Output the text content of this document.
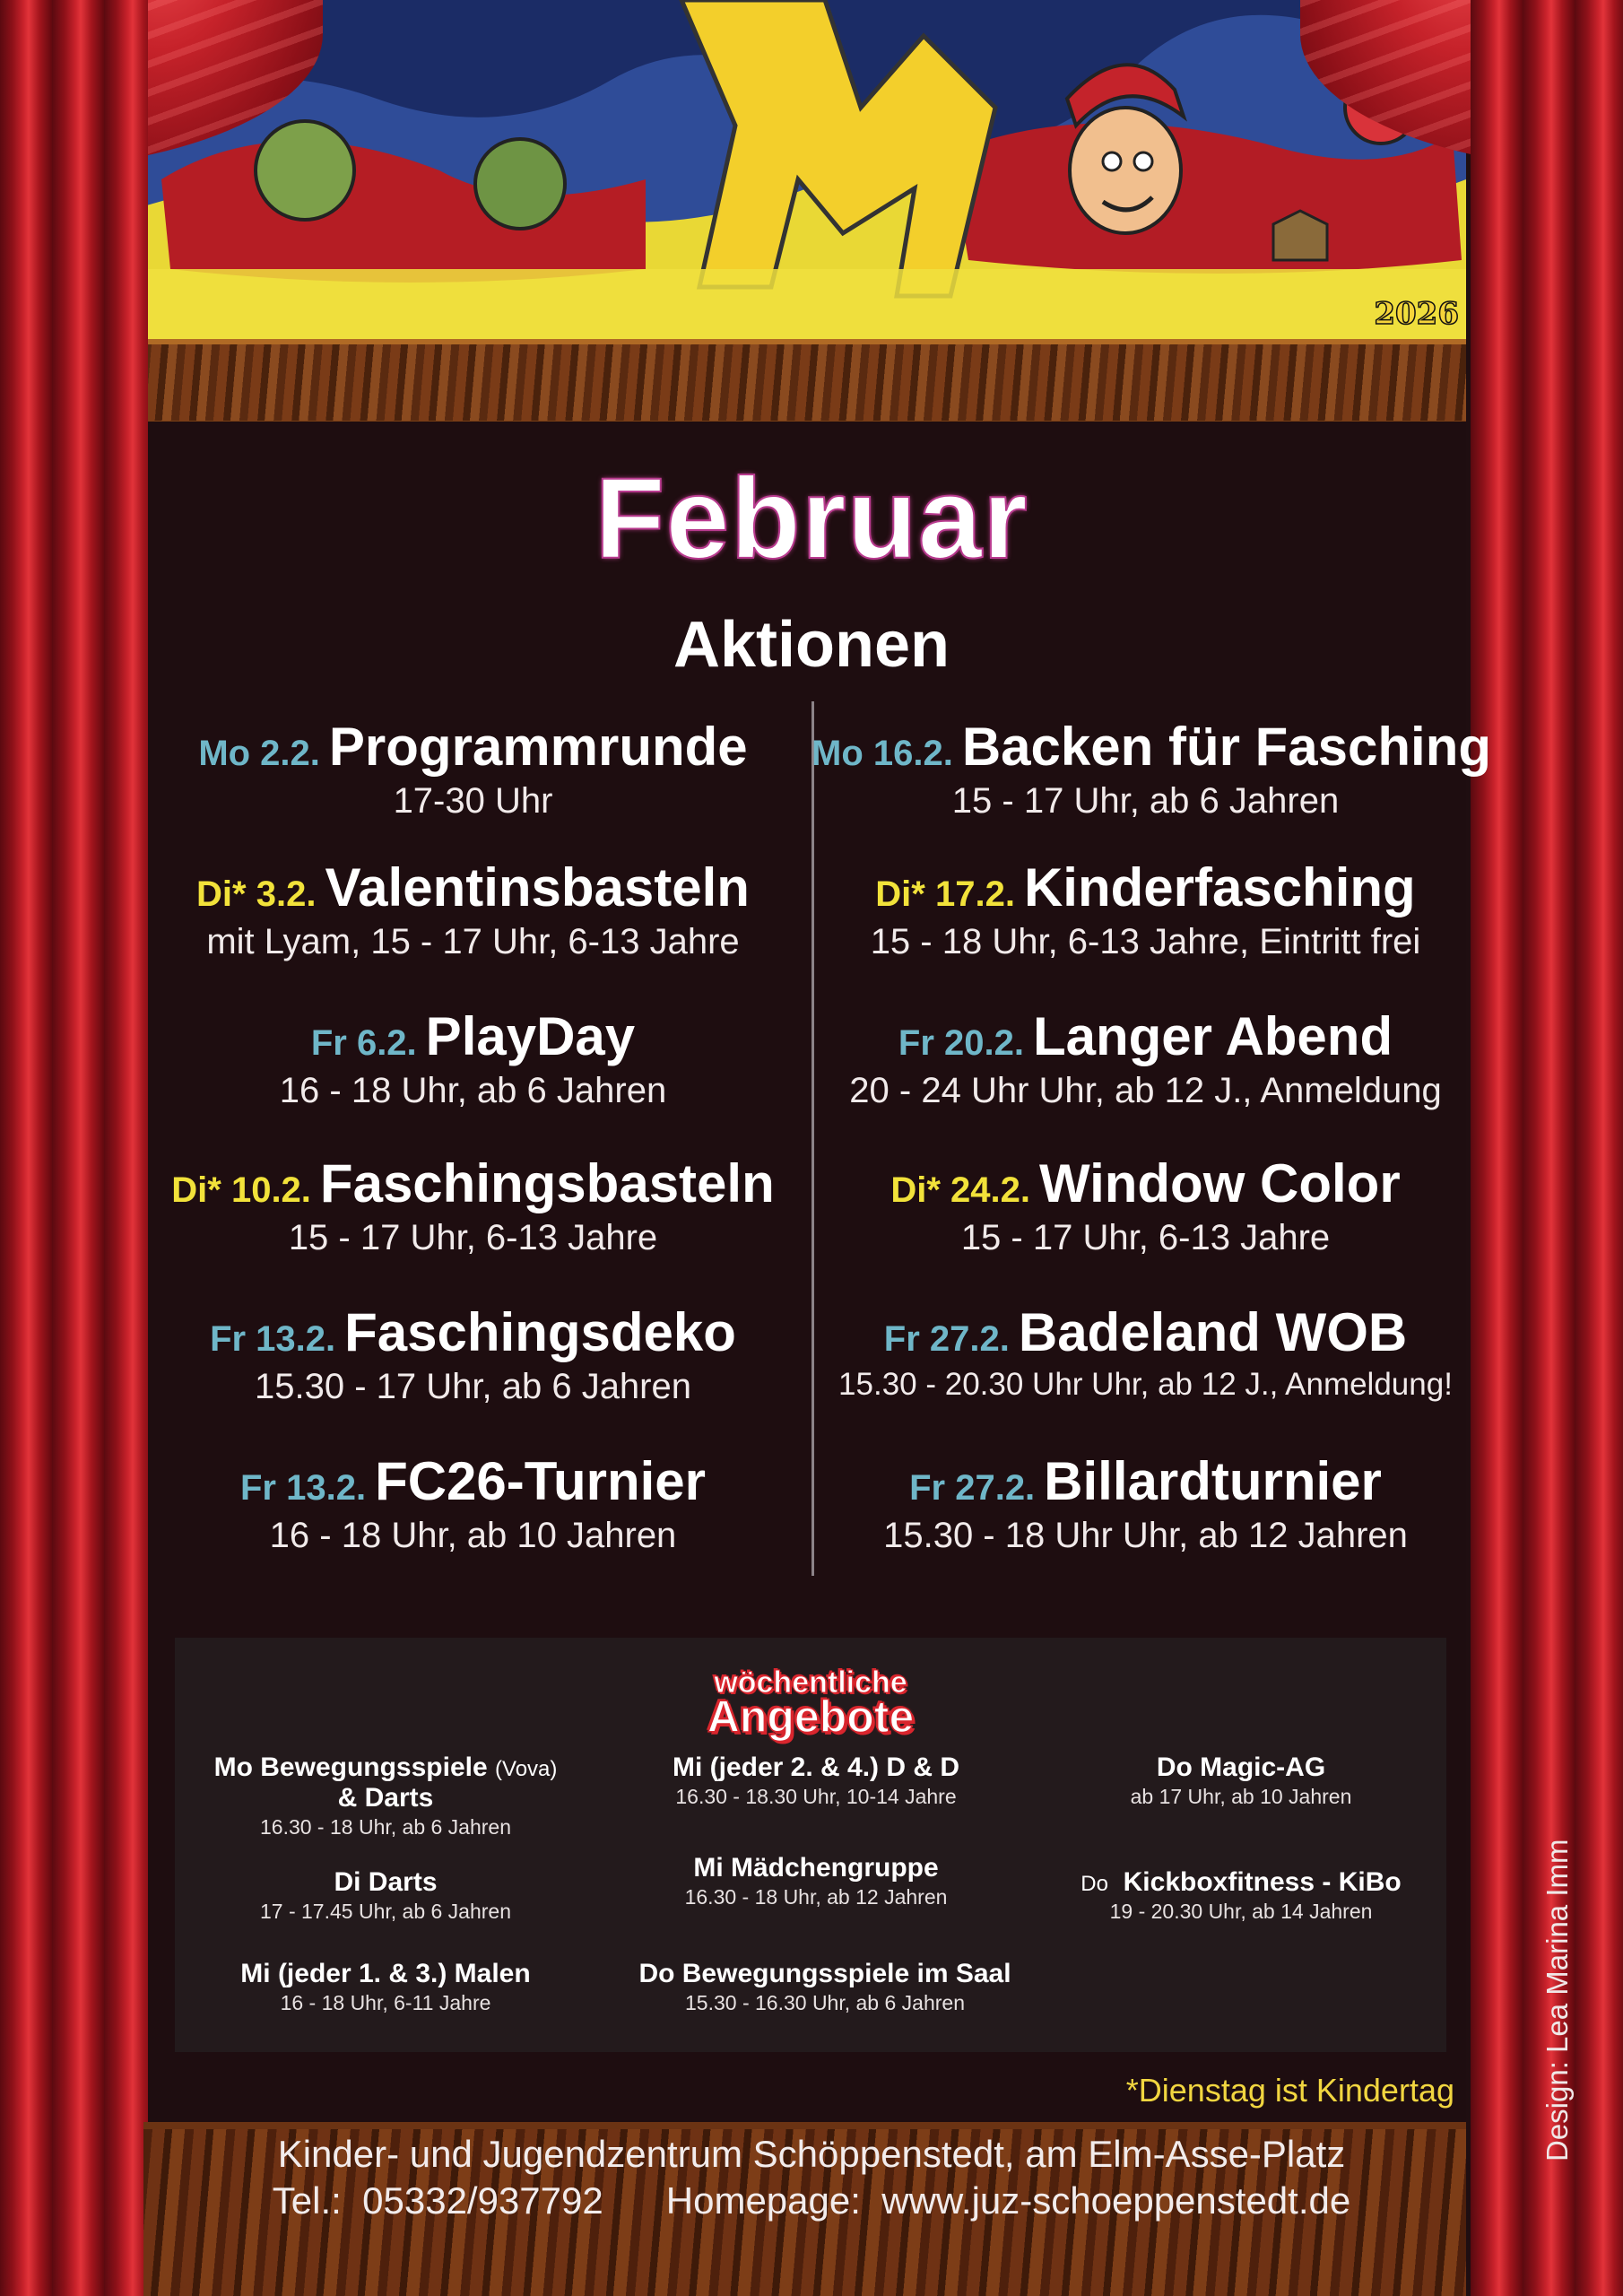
2026
Februar
Aktionen
Mo 2.2. Programmrunde
17-30 Uhr
Di* 3.2. Valentinsbasteln
mit Lyam, 15 - 17 Uhr, 6-13 Jahre
Fr 6.2. PlayDay
16 - 18 Uhr, ab 6 Jahren
Di* 10.2. Faschingsbasteln
15 - 17 Uhr, 6-13 Jahre
Fr 13.2. Faschingsdeko
15.30 - 17 Uhr, ab 6 Jahren
Fr 13.2. FC26-Turnier
16 - 18 Uhr, ab 10 Jahren
Mo 16.2. Backen für Fasching
15 - 17 Uhr, ab 6 Jahren
Di* 17.2. Kinderfasching
15 - 18 Uhr, 6-13 Jahre, Eintritt frei
Fr 20.2. Langer Abend
20 - 24 Uhr Uhr, ab 12 J., Anmeldung
Di* 24.2. Window Color
15 - 17 Uhr, 6-13 Jahre
Fr 27.2. Badeland WOB
15.30 - 20.30 Uhr Uhr, ab 12 J., Anmeldung!
Fr 27.2. Billardturnier
15.30 - 18 Uhr Uhr, ab 12 Jahren
wöchentliche
Angebote
Mo Bewegungsspiele (Vova)
& Darts
16.30 - 18 Uhr, ab 6 Jahren
Mi (jeder 2. & 4.) D & D
16.30 - 18.30 Uhr, 10-14 Jahre
Do Magic-AG
ab 17 Uhr, ab 10 Jahren
Di Darts
17 - 17.45 Uhr, ab 6 Jahren
Mi Mädchengruppe
16.30 - 18 Uhr, ab 12 Jahren
Do Kickboxfitness - KiBo
19 - 20.30 Uhr, ab 14 Jahren
Mi (jeder 1. & 3.) Malen
16 - 18 Uhr, 6-11 Jahre
Do Bewegungsspiele im Saal
15.30 - 16.30 Uhr, ab 6 Jahren
*Dienstag ist Kindertag
Kinder- und Jugendzentrum Schöppenstedt, am Elm-Asse-Platz
Tel.:  05332/937792 Homepage:  www.juz-schoeppenstedt.de
Design: Lea Marina Imm
